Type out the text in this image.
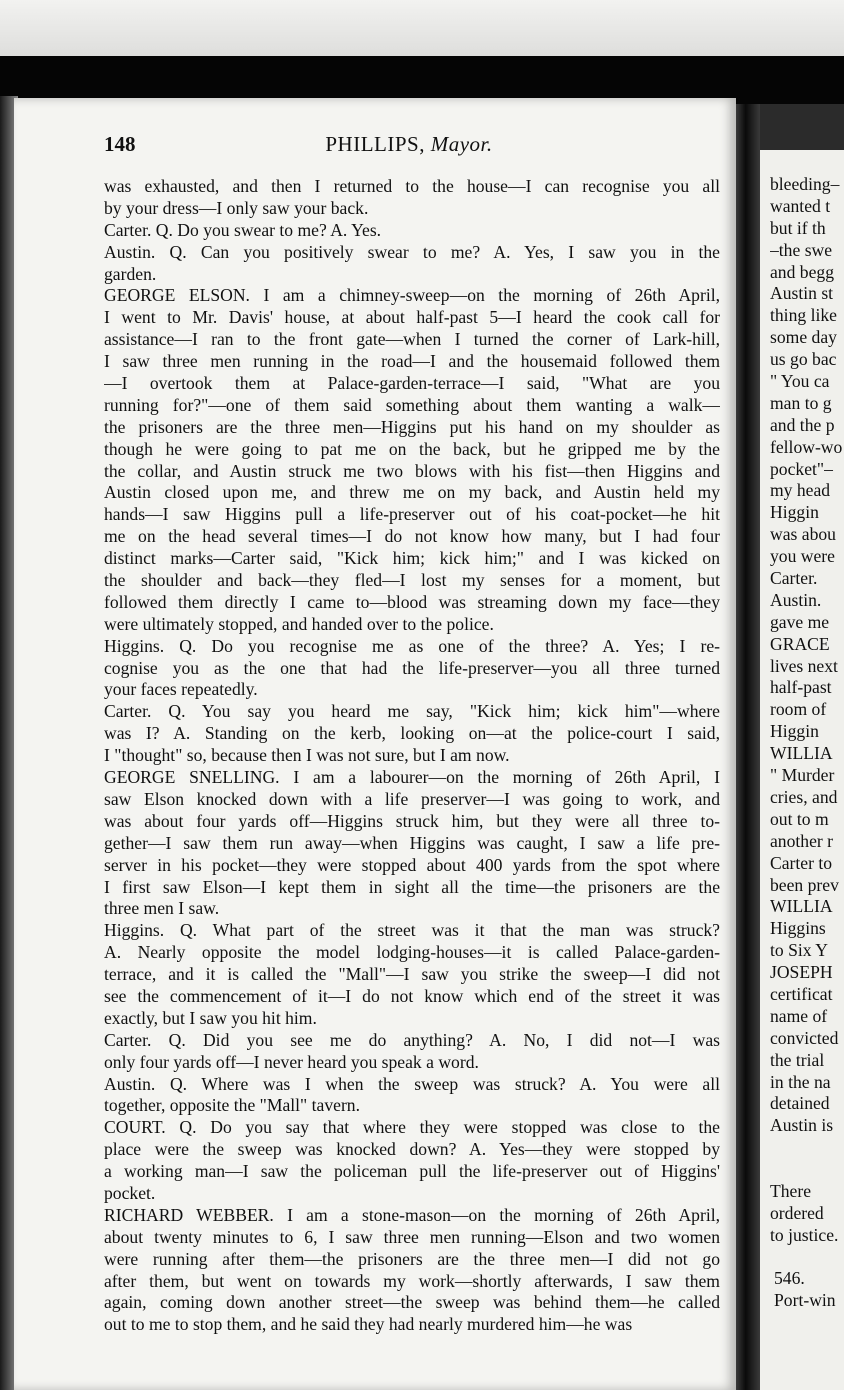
148	PHILLIPS, Mayor.
was exhausted, and then I returned to the house—I can recognise you all
by your dress—I only saw your back.
Carter. Q. Do you swear to me? A. Yes.
Austin. Q. Can you positively swear to me? A. Yes, I saw you in the
garden.
GEORGE ELSON. I am a chimney-sweep—on the morning of 26th April,
I went to Mr. Davis' house, at about half-past 5—I heard the cook call for
assistance—I ran to the front gate—when I turned the corner of Lark-hill,
I saw three men running in the road—I and the housemaid followed them
—I overtook them at Palace-garden-terrace—I said, "What are you
running for?"—one of them said something about them wanting a walk—
the prisoners are the three men—Higgins put his hand on my shoulder as
though he were going to pat me on the back, but he gripped me by the
the collar, and Austin struck me two blows with his fist—then Higgins and
Austin closed upon me, and threw me on my back, and Austin held my
hands—I saw Higgins pull a life-preserver out of his coat-pocket—he hit
me on the head several times—I do not know how many, but I had four
distinct marks—Carter said, "Kick him; kick him;" and I was kicked on
the shoulder and back—they fled—I lost my senses for a moment, but
followed them directly I came to—blood was streaming down my face—they
were ultimately stopped, and handed over to the police.
Higgins. Q. Do you recognise me as one of the three? A. Yes; I re-
cognise you as the one that had the life-preserver—you all three turned
your faces repeatedly.
Carter. Q. You say you heard me say, "Kick him; kick him"—where
was I? A. Standing on the kerb, looking on—at the police-court I said,
I "thought" so, because then I was not sure, but I am now.
GEORGE SNELLING. I am a labourer—on the morning of 26th April, I
saw Elson knocked down with a life preserver—I was going to work, and
was about four yards off—Higgins struck him, but they were all three to-
gether—I saw them run away—when Higgins was caught, I saw a life pre-
server in his pocket—they were stopped about 400 yards from the spot where
I first saw Elson—I kept them in sight all the time—the prisoners are the
three men I saw.
Higgins. Q. What part of the street was it that the man was struck?
A. Nearly opposite the model lodging-houses—it is called Palace-garden-
terrace, and it is called the "Mall"—I saw you strike the sweep—I did not
see the commencement of it—I do not know which end of the street it was
exactly, but I saw you hit him.
Carter. Q. Did you see me do anything? A. No, I did not—I was
only four yards off—I never heard you speak a word.
Austin. Q. Where was I when the sweep was struck? A. You were all
together, opposite the "Mall" tavern.
COURT. Q. Do you say that where they were stopped was close to the
place were the sweep was knocked down? A. Yes—they were stopped by
a working man—I saw the policeman pull the life-preserver out of Higgins'
pocket.
RICHARD WEBBER. I am a stone-mason—on the morning of 26th April,
about twenty minutes to 6, I saw three men running—Elson and two women
were running after them—the prisoners are the three men—I did not go
after them, but went on towards my work—shortly afterwards, I saw them
again, coming down another street—the sweep was behind them—he called
out to me to stop them, and he said they had nearly murdered him—he was
bleeding–
wanted t
but if th
–the swe
and begg
Austin st
thing like
some day
us go bac
" You ca
man to g
and the p
fellow-wo
pocket"–
my head
Higgin
was abou
you were
Carter.
Austin.
gave me
GRACE
lives next
half-past
room of
Higgin
WILLIA
" Murder
cries, and
out to m
another r
Carter to
been prev
WILLIA
Higgins
to Six Y
JOSEPH
certificat
name of
convicted
the trial
in the na
detained
Austin is
There
ordered
to justice.
546.
Port-win
